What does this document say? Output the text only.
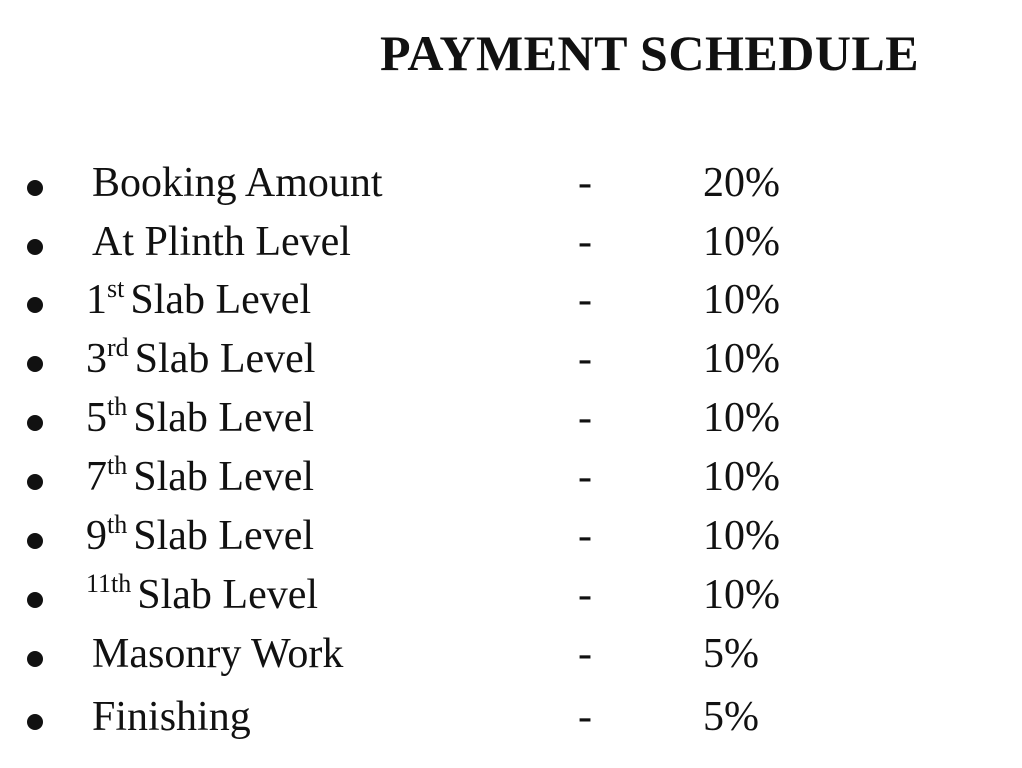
PAYMENT SCHEDULE
Booking Amount	-	20%
At Plinth Level	-	10%
1st Slab Level	-	10%
3rd Slab Level	-	10%
5th Slab Level	-	10%
7th Slab Level	-	10%
9th Slab Level	-	10%
$^{11th}$ Slab Level	-	10%
Masonry Work	-	5%
Finishing	-	5%
